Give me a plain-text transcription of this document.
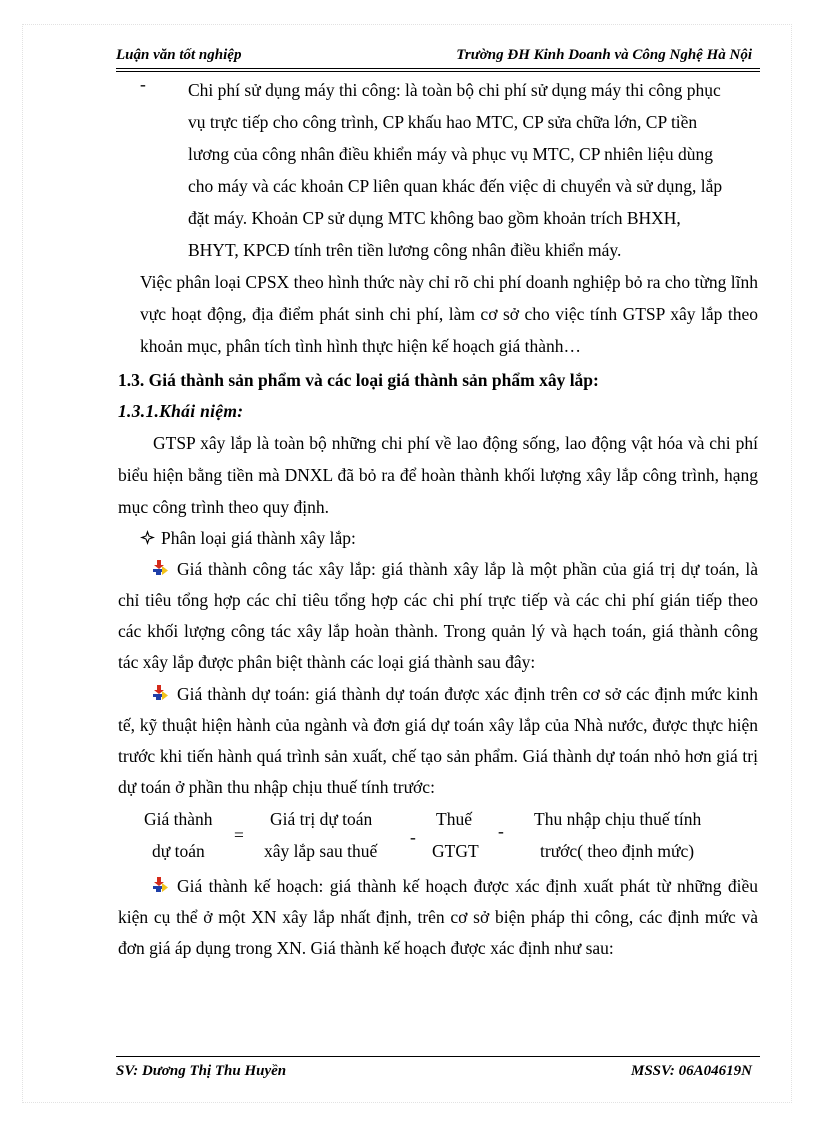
Luận văn tốt nghiệp	Trường ĐH Kinh Doanh và Công Nghệ Hà Nội
- Chi phí sử dụng máy thi công: là toàn bộ chi phí sử dụng máy thi công phục

vụ trực tiếp cho công trình, CP khấu hao MTC, CP sửa chữa lớn, CP tiền

lương của công nhân điều khiển máy và phục vụ MTC, CP nhiên liệu dùng

cho máy và các khoản CP liên quan khác đến việc di chuyển và sử dụng, lắp

đặt máy. Khoản CP sử dụng MTC không bao gồm khoản trích BHXH,

BHYT, KPCĐ tính trên tiền lương công nhân điều khiển máy.

Việc phân loại CPSX theo hình thức này chỉ rõ chi phí doanh nghiệp bỏ ra cho từng lĩnh vực hoạt động, địa điểm phát sinh chi phí, làm cơ sở cho việc tính GTSP xây lắp theo khoản mục, phân tích tình hình thực hiện kế hoạch giá thành…

1.3. Giá thành sản phẩm và các loại giá thành sản phẩm xây lắp:
1.3.1.Khái niệm:

GTSP xây lắp là toàn bộ những chi phí về lao động sống, lao động vật hóa và chi phí biểu hiện bằng tiền mà DNXL đã bỏ ra để hoàn thành khối lượng xây lắp công trình, hạng mục công trình theo quy định.

Phân loại giá thành xây lắp:

Giá thành công tác xây lắp: giá thành xây lắp là một phần của giá trị dự toán, là chỉ tiêu tổng hợp các chỉ tiêu tổng hợp các chi phí trực tiếp và các chi phí gián tiếp theo các khối lượng công tác xây lắp hoàn thành. Trong quản lý và hạch toán, giá thành công tác xây lắp được phân biệt thành các loại giá thành sau đây:

Giá thành dự toán: giá thành dự toán được xác định trên cơ sở các định mức kinh tế, kỹ thuật hiện hành của ngành và đơn giá dự toán xây lắp của Nhà nước, được thực hiện trước khi tiến hành quá trình sản xuất, chế tạo sản phẩm. Giá thành dự toán nhỏ hơn giá trị dự toán ở phần thu nhập chịu thuế tính trước:

Giá thành
dự toán
=
Giá trị dự toán
xây lắp sau thuế
-
Thuế
GTGT
-
Thu nhập chịu thuế tính
trước( theo định mức)

Giá thành kế hoạch: giá thành kế hoạch được xác định xuất phát từ những điều kiện cụ thể ở một XN xây lắp nhất định, trên cơ sở biện pháp thi công, các định mức và đơn giá áp dụng trong XN. Giá thành kế hoạch được xác định như sau:

SV: Dương Thị Thu Huyền	MSSV: 06A04619N
